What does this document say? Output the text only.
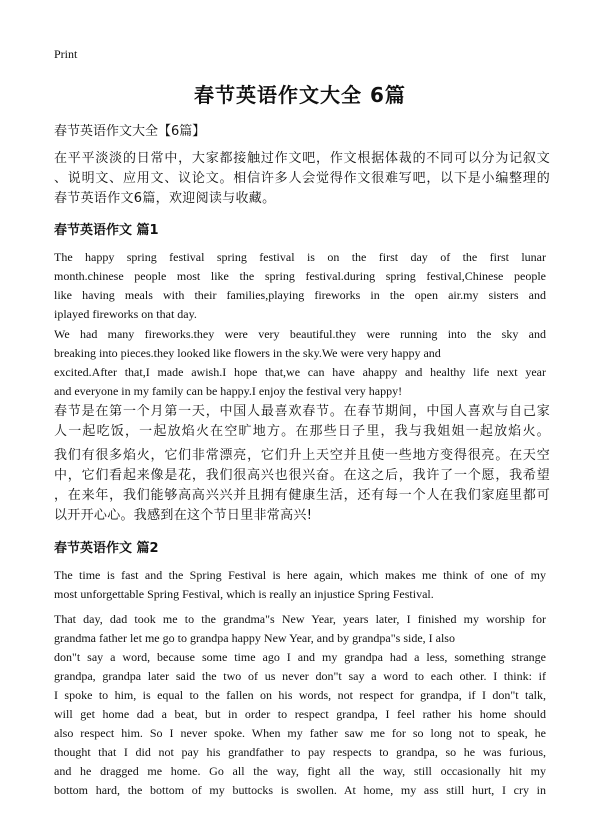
Print
春节英语作文大全 6篇
春节英语作文大全【6篇】
在平平淡淡的日常中，大家都接触过作文吧，作文根据体裁的不同可以分为记叙文
、说明文、应用文、议论文。相信许多人会觉得作文很难写吧，以下是小编整理的
春节英语作文6篇，欢迎阅读与收藏。
春节英语作文 篇1
The happy spring festival spring festival is on the first day of the first lunar
month.chinese people most like the spring festival.during spring festival,Chinese people
like having meals with their families,playing fireworks in the open air.my sisters and
iplayed fireworks on that day.
We had many fireworks.they were very beautiful.they were running into the sky and
breaking into pieces.they looked like flowers in the sky.We were very happy and
excited.After that,I made awish.I hope that,we can have ahappy and healthy life next year
and everyone in my family can be happy.I enjoy the festival very happy!
春节是在第一个月第一天，中国人最喜欢春节。在春节期间，中国人喜欢与自己家
人一起吃饭，一起放焰火在空旷地方。在那些日子里，我与我姐姐一起放焰火。
我们有很多焰火，它们非常漂亮，它们升上天空并且使一些地方变得很亮。在天空
中，它们看起来像是花，我们很高兴也很兴奋。在这之后，我许了一个愿，我希望
，在来年，我们能够高高兴兴并且拥有健康生活，还有每一个人在我们家庭里都可
以开开心心。我感到在这个节日里非常高兴!
春节英语作文 篇2
The time is fast and the Spring Festival is here again, which makes me think of one of my
most unforgettable Spring Festival, which is really an injustice Spring Festival.
That day, dad took me to the grandma"s New Year, years later, I finished my worship for
grandma father let me go to grandpa happy New Year, and by grandpa"s side, I also
don"t say a word, because some time ago I and my grandpa had a less, something strange
grandpa, grandpa later said the two of us never don"t say a word to each other. I think: if
I spoke to him, is equal to the fallen on his words, not respect for grandpa, if I don"t talk,
will get home dad a beat, but in order to respect grandpa, I feel rather his home should
also respect him. So I never spoke. When my father saw me for so long not to speak, he
thought that I did not pay his grandfather to pay respects to grandpa, so he was furious,
and he dragged me home. Go all the way, fight all the way, still occasionally hit my
bottom hard, the bottom of my buttocks is swollen. At home, my ass still hurt, I cry in
